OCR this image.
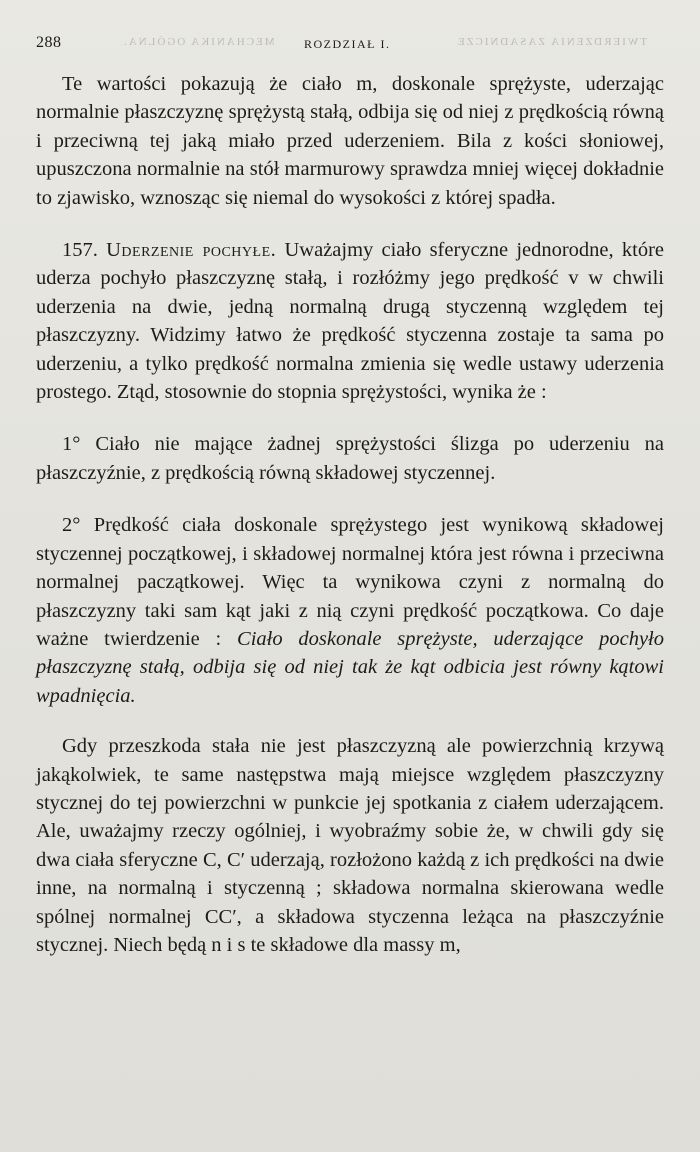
288	ROZDZIAŁ I.
MECHANIKA OGÓLNA.	TWIERDZENIA ZASADNICZE

Te wartości pokazują że ciało m, doskonale sprężyste, uderzając normalnie płaszczyznę sprężystą stałą, odbija się od niej z prędkością równą i przeciwną tej jaką miało przed uderzeniem. Bila z kości słoniowej, upuszczona normalnie na stół marmurowy sprawdza mniej więcej dokładnie to zjawisko, wznosząc się niemal do wysokości z której spadła.

157. Uderzenie pochyłe. Uważajmy ciało sferyczne jednorodne, które uderza pochyło płaszczyznę stałą, i rozłóżmy jego prędkość v w chwili uderzenia na dwie, jedną normalną drugą styczenną względem tej płaszczyzny. Widzimy łatwo że prędkość styczenna zostaje ta sama po uderzeniu, a tylko prędkość normalna zmienia się wedle ustawy uderzenia prostego. Ztąd, stosownie do stopnia sprężystości, wynika że :

1° Ciało nie mające żadnej sprężystości ślizga po uderzeniu na płaszczyźnie, z prędkością równą składowej styczennej.

2° Prędkość ciała doskonale sprężystego jest wynikową składowej styczennej początkowej, i składowej normalnej która jest równa i przeciwna normalnej paczątkowej. Więc ta wynikowa czyni z normalną do płaszczyzny taki sam kąt jaki z nią czyni prędkość początkowa. Co daje ważne twierdzenie : Ciało doskonale sprężyste, uderzające pochyło płaszczyznę stałą, odbija się od niej tak że kąt odbicia jest równy kątowi wpadnięcia.

Gdy przeszkoda stała nie jest płaszczyzną ale powierzchnią krzywą jakąkolwiek, te same następstwa mają miejsce względem płaszczyzny stycznej do tej powierzchni w punkcie jej spotkania z ciałem uderzającem. Ale, uważajmy rzeczy ogólniej, i wyobraźmy sobie że, w chwili gdy się dwa ciała sferyczne C, C′ uderzają, rozłożono każdą z ich prędkości na dwie inne, na normalną i styczenną ; składowa normalna skierowana wedle spólnej normalnej CC′, a składowa styczenna leżąca na płaszczyźnie stycznej. Niech będą n i s te składowe dla massy m,
